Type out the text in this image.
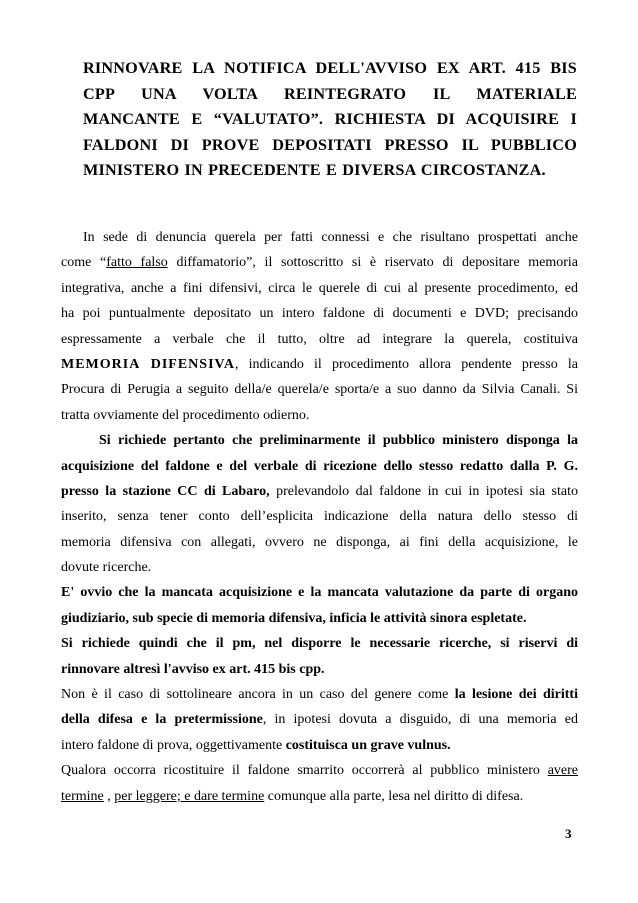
RINNOVARE LA NOTIFICA DELL'AVVISO EX ART. 415 BIS
CPP UNA VOLTA REINTEGRATO IL MATERIALE
MANCANTE E “VALUTATO”. RICHIESTA DI ACQUISIRE I
FALDONI DI PROVE DEPOSITATI PRESSO IL PUBBLICO
MINISTERO IN PRECEDENTE E DIVERSA CIRCOSTANZA.
In sede di denuncia querela per fatti connessi e che risultano prospettati anche
come “fatto falso diffamatorio”, il sottoscritto si è riservato di depositare memoria
integrativa, anche a fini difensivi, circa le querele di cui al presente procedimento, ed
ha poi puntualmente depositato un intero faldone di documenti e DVD; precisando
espressamente a verbale che il tutto, oltre ad integrare la querela, costituiva
MEMORIA DIFENSIVA, indicando il procedimento allora pendente presso la
Procura di Perugia a seguito della/e querela/e sporta/e a suo danno da Silvia Canali. Si
tratta ovviamente del procedimento odierno.
Si richiede pertanto che preliminarmente il pubblico ministero disponga la
acquisizione del faldone e del verbale di ricezione dello stesso redatto dalla P. G.
presso la stazione CC di Labaro, prelevandolo dal faldone in cui in ipotesi sia stato
inserito, senza tener conto dell’esplicita indicazione della natura dello stesso di
memoria difensiva con allegati, ovvero ne disponga, ai fini della acquisizione, le
dovute ricerche.
E' ovvio che la mancata acquisizione e la mancata valutazione da parte di organo
giudiziario, sub specie di memoria difensiva, inficia le attività sinora espletate.
Si richiede quindi che il pm, nel disporre le necessarie ricerche, si riservi di
rinnovare altresì l'avviso ex art. 415 bis cpp.
Non è il caso di sottolineare ancora in un caso del genere come la lesione dei diritti
della difesa e la pretermissione, in ipotesi dovuta a disguido, di una memoria ed
intero faldone di prova, oggettivamente costituisca un grave vulnus.
Qualora occorra ricostituire il faldone smarrito occorrerà al pubblico ministero avere
termine , per leggere; e dare termine comunque alla parte, lesa nel diritto di difesa.
3
